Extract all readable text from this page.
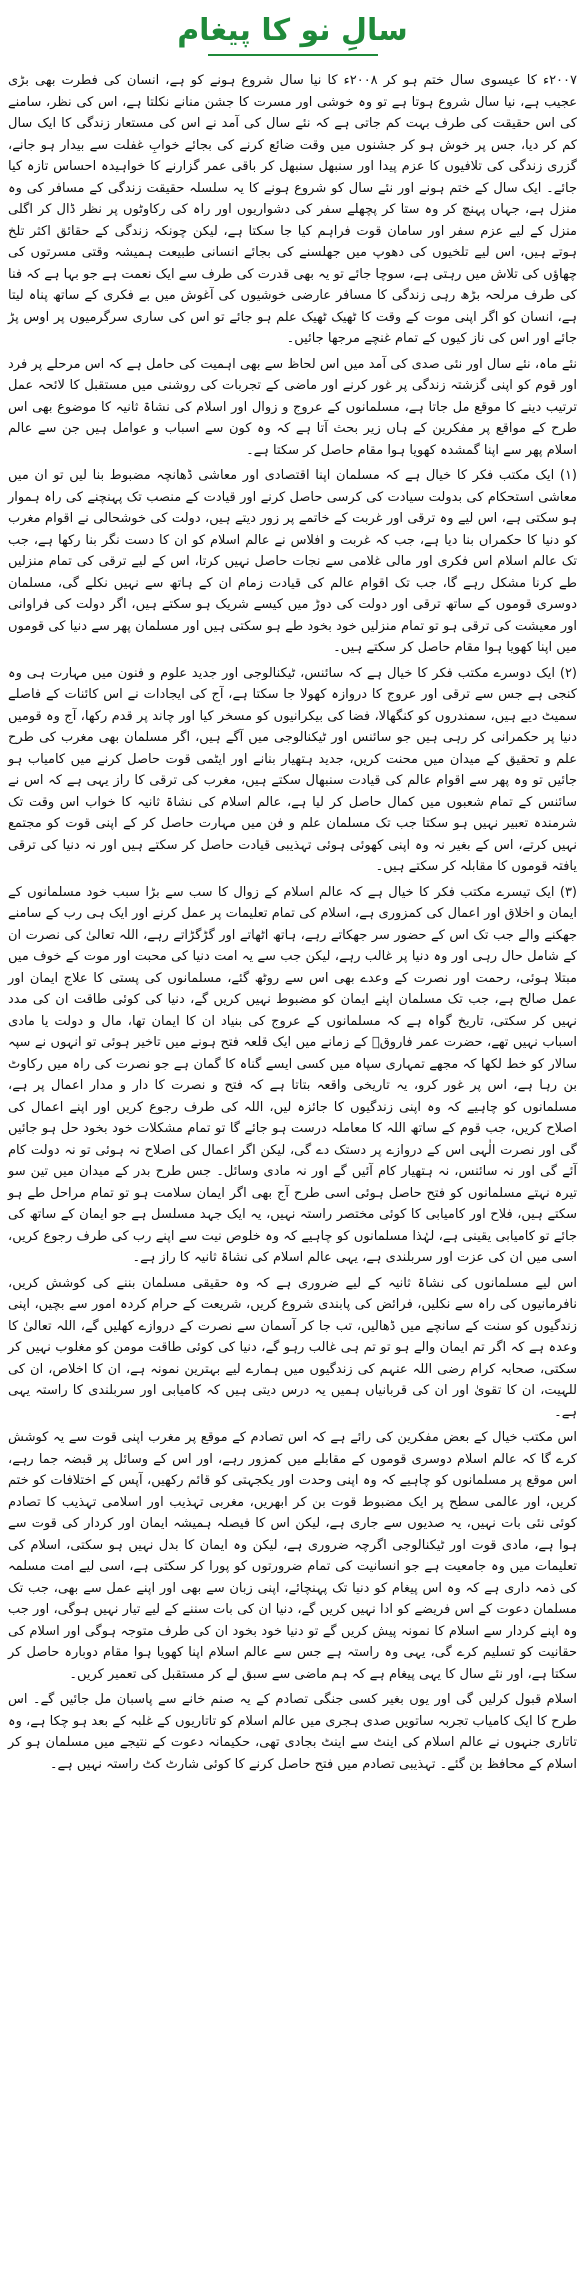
سالِ نو کا پیغام

۲۰۰۷ء کا عیسوی سال ختم ہو کر ۲۰۰۸ء کا نیا سال شروع ہونے کو ہے، انسان کی فطرت بھی بڑی عجیب ہے، نیا سال شروع ہوتا ہے تو وہ خوشی اور مسرت کا جشن منانے نکلتا ہے، اس کی نظر، سامنے کی اس حقیقت کی طرف بہت کم جاتی ہے کہ نئے سال کی آمد نے اس کی مستعار زندگی کا ایک سال کم کر دیا، جس پر خوش ہو کر جشنوں میں وقت ضائع کرنے کی بجائے خوابِ غفلت سے بیدار ہو جانے، گزری زندگی کی تلافیوں کا عزم پیدا اور سنبھل سنبھل کر باقی عمر گزارنے کا خواہیدہ احساس تازہ کیا جائے۔ ایک سال کے ختم ہونے اور نئے سال کو شروع ہونے کا یہ سلسلہ حقیقت زندگی کے مسافر کی وہ منزل ہے، جہاں پہنچ کر وہ ستا کر پچھلے سفر کی دشواریوں اور راہ کی رکاوٹوں پر نظر ڈال کر اگلی منزل کے لیے عزم سفر اور سامان قوت فراہم کیا جا سکتا ہے، لیکن چونکہ زندگی کے حقائق اکثر تلخ ہوتے ہیں، اس لیے تلخیوں کی دھوپ میں جھلسنے کی بجائے انسانی طبیعت ہمیشہ وقتی مسرتوں کی چھاؤں کی تلاش میں رہتی ہے، سوچا جائے تو یہ بھی قدرت کی طرف سے ایک نعمت ہے جو بہا ہے کہ فنا کی طرف مرلحہ بڑھ رہی زندگی کا مسافر عارضی خوشیوں کی آغوش میں بے فکری کے ساتھ پناہ لیتا ہے، انسان کو اگر اپنی موت کے وقت کا ٹھیک ٹھیک علم ہو جائے تو اس کی ساری سرگرمیوں پر اوس پڑ جائے اور اس کی ناز کیوں کے تمام غنچے مرجھا جائیں۔

نئے ماہ، نئے سال اور نئی صدی کی آمد میں اس لحاظ سے بھی اہمیت کی حامل ہے کہ اس مرحلے پر فرد اور قوم کو اپنی گزشتہ زندگی پر غور کرنے اور ماضی کے تجربات کی روشنی میں مستقبل کا لائحہ عمل ترتیب دینے کا موقع مل جاتا ہے، مسلمانوں کے عروج و زوال اور اسلام کی نشاۃ ثانیہ کا موضوع بھی اس طرح کے مواقع پر مفکرین کے ہاں زیر بحث آتا ہے کہ وہ کون سے اسباب و عوامل ہیں جن سے عالم اسلام پھر سے اپنا گمشدہ کھویا ہوا مقام حاصل کر سکتا ہے۔

(۱) ایک مکتب فکر کا خیال ہے کہ مسلمان اپنا اقتصادی اور معاشی ڈھانچہ مضبوط بنا لیں تو ان میں معاشی استحکام کی بدولت سیادت کی کرسی حاصل کرنے اور قیادت کے منصب تک پہنچنے کی راہ ہموار ہو سکتی ہے، اس لیے وہ ترقی اور غربت کے خاتمے پر زور دیتے ہیں، دولت کی خوشحالی نے اقوام مغرب کو دنیا کا حکمراں بنا دیا ہے، جب کہ غربت و افلاس نے عالم اسلام کو ان کا دست نگر بنا رکھا ہے، جب تک عالم اسلام اس فکری اور مالی غلامی سے نجات حاصل نہیں کرتا، اس کے لیے ترقی کی تمام منزلیں طے کرنا مشکل رہے گا، جب تک اقوام عالم کی قیادت زمام ان کے ہاتھ سے نہیں نکلے گی، مسلمان دوسری قوموں کے ساتھ ترقی اور دولت کی دوڑ میں کیسے شریک ہو سکتے ہیں، اگر دولت کی فراوانی اور معیشت کی ترقی ہو تو تمام منزلیں خود بخود طے ہو سکتی ہیں اور مسلمان پھر سے دنیا کی قوموں میں اپنا کھویا ہوا مقام حاصل کر سکتے ہیں۔

(۲) ایک دوسرے مکتب فکر کا خیال ہے کہ سائنس، ٹیکنالوجی اور جدید علوم و فنون میں مہارت ہی وہ کنجی ہے جس سے ترقی اور عروج کا دروازہ کھولا جا سکتا ہے، آج کی ایجادات نے اس کائنات کے فاصلے سمیٹ دیے ہیں، سمندروں کو کنگھالا، فضا کی بیکرانیوں کو مسخر کیا اور چاند پر قدم رکھا، آج وہ قومیں دنیا پر حکمرانی کر رہی ہیں جو سائنس اور ٹیکنالوجی میں آگے ہیں، اگر مسلمان بھی مغرب کی طرح علم و تحقیق کے میدان میں محنت کریں، جدید ہتھیار بنانے اور ایٹمی قوت حاصل کرنے میں کامیاب ہو جائیں تو وہ پھر سے اقوام عالم کی قیادت سنبھال سکتے ہیں، مغرب کی ترقی کا راز یہی ہے کہ اس نے سائنس کے تمام شعبوں میں کمال حاصل کر لیا ہے، عالم اسلام کی نشاۃ ثانیہ کا خواب اس وقت تک شرمندہ تعبیر نہیں ہو سکتا جب تک مسلمان علم و فن میں مہارت حاصل کر کے اپنی قوت کو مجتمع نہیں کرتے، اس کے بغیر نہ وہ اپنی کھوئی ہوئی تہذیبی قیادت حاصل کر سکتے ہیں اور نہ دنیا کی ترقی یافتہ قوموں کا مقابلہ کر سکتے ہیں۔

(۳) ایک تیسرے مکتب فکر کا خیال ہے کہ عالم اسلام کے زوال کا سب سے بڑا سبب خود مسلمانوں کے ایمان و اخلاق اور اعمال کی کمزوری ہے، اسلام کی تمام تعلیمات پر عمل کرنے اور ایک ہی رب کے سامنے جھکنے والے جب تک اس کے حضور سر جھکاتے رہے، ہاتھ اٹھاتے اور گڑگڑاتے رہے، اللہ تعالیٰ کی نصرت ان کے شامل حال رہی اور وہ دنیا پر غالب رہے، لیکن جب سے یہ امت دنیا کی محبت اور موت کے خوف میں مبتلا ہوئی، رحمت اور نصرت کے وعدے بھی اس سے روٹھ گئے، مسلمانوں کی پستی کا علاج ایمان اور عمل صالح ہے، جب تک مسلمان اپنے ایمان کو مضبوط نہیں کریں گے، دنیا کی کوئی طاقت ان کی مدد نہیں کر سکتی، تاریخ گواہ ہے کہ مسلمانوں کے عروج کی بنیاد ان کا ایمان تھا، مال و دولت یا مادی اسباب نہیں تھے، حضرت عمر فاروقؓ کے زمانے میں ایک قلعہ فتح ہونے میں تاخیر ہوئی تو انہوں نے سپہ سالار کو خط لکھا کہ مجھے تمہاری سپاہ میں کسی ایسے گناہ کا گمان ہے جو نصرت کی راہ میں رکاوٹ بن رہا ہے، اس پر غور کرو، یہ تاریخی واقعہ بتاتا ہے کہ فتح و نصرت کا دار و مدار اعمال پر ہے، مسلمانوں کو چاہیے کہ وہ اپنی زندگیوں کا جائزہ لیں، اللہ کی طرف رجوع کریں اور اپنے اعمال کی اصلاح کریں، جب قوم کے ساتھ اللہ کا معاملہ درست ہو جائے گا تو تمام مشکلات خود بخود حل ہو جائیں گی اور نصرت الٰہی اس کے دروازے پر دستک دے گی، لیکن اگر اعمال کی اصلاح نہ ہوئی تو نہ دولت کام آئے گی اور نہ سائنس، نہ ہتھیار کام آئیں گے اور نہ مادی وسائل۔ جس طرح بدر کے میدان میں تین سو تیرہ نہتے مسلمانوں کو فتح حاصل ہوئی اسی طرح آج بھی اگر ایمان سلامت ہو تو تمام مراحل طے ہو سکتے ہیں، فلاح اور کامیابی کا کوئی مختصر راستہ نہیں، یہ ایک جہد مسلسل ہے جو ایمان کے ساتھ کی جائے تو کامیابی یقینی ہے، لہٰذا مسلمانوں کو چاہیے کہ وہ خلوص نیت سے اپنے رب کی طرف رجوع کریں، اسی میں ان کی عزت اور سربلندی ہے، یہی عالم اسلام کی نشاۃ ثانیہ کا راز ہے۔

اس لیے مسلمانوں کی نشاۃ ثانیہ کے لیے ضروری ہے کہ وہ حقیقی مسلمان بننے کی کوشش کریں، نافرمانیوں کی راہ سے نکلیں، فرائض کی پابندی شروع کریں، شریعت کے حرام کردہ امور سے بچیں، اپنی زندگیوں کو سنت کے سانچے میں ڈھالیں، تب جا کر آسمان سے نصرت کے دروازے کھلیں گے، اللہ تعالیٰ کا وعدہ ہے کہ اگر تم ایمان والے ہو تو تم ہی غالب رہو گے، دنیا کی کوئی طاقت مومن کو مغلوب نہیں کر سکتی، صحابہ کرام رضی اللہ عنہم کی زندگیوں میں ہمارے لیے بہترین نمونہ ہے، ان کا اخلاص، ان کی للہیت، ان کا تقویٰ اور ان کی قربانیاں ہمیں یہ درس دیتی ہیں کہ کامیابی اور سربلندی کا راستہ یہی ہے۔

اس مکتب خیال کے بعض مفکرین کی رائے ہے کہ اس تصادم کے موقع پر مغرب اپنی قوت سے یہ کوشش کرے گا کہ عالم اسلام دوسری قوموں کے مقابلے میں کمزور رہے، اور اس کے وسائل پر قبضہ جما رہے، اس موقع پر مسلمانوں کو چاہیے کہ وہ اپنی وحدت اور یکجہتی کو قائم رکھیں، آپس کے اختلافات کو ختم کریں، اور عالمی سطح پر ایک مضبوط قوت بن کر ابھریں، مغربی تہذیب اور اسلامی تہذیب کا تصادم کوئی نئی بات نہیں، یہ صدیوں سے جاری ہے، لیکن اس کا فیصلہ ہمیشہ ایمان اور کردار کی قوت سے ہوا ہے، مادی قوت اور ٹیکنالوجی اگرچہ ضروری ہے، لیکن وہ ایمان کا بدل نہیں ہو سکتی، اسلام کی تعلیمات میں وہ جامعیت ہے جو انسانیت کی تمام ضرورتوں کو پورا کر سکتی ہے، اسی لیے امت مسلمہ کی ذمہ داری ہے کہ وہ اس پیغام کو دنیا تک پہنچائے، اپنی زبان سے بھی اور اپنے عمل سے بھی، جب تک مسلمان دعوت کے اس فریضے کو ادا نہیں کریں گے، دنیا ان کی بات سننے کے لیے تیار نہیں ہوگی، اور جب وہ اپنے کردار سے اسلام کا نمونہ پیش کریں گے تو دنیا خود بخود ان کی طرف متوجہ ہوگی اور اسلام کی حقانیت کو تسلیم کرے گی، یہی وہ راستہ ہے جس سے عالم اسلام اپنا کھویا ہوا مقام دوبارہ حاصل کر سکتا ہے، اور نئے سال کا یہی پیغام ہے کہ ہم ماضی سے سبق لے کر مستقبل کی تعمیر کریں۔

اسلام قبول کرلیں گی اور یوں بغیر کسی جنگی تصادم کے یہ صنم خانے سے پاسبان مل جائیں گے۔ اس طرح کا ایک کامیاب تجربہ ساتویں صدی ہجری میں عالم اسلام کو تاتاریوں کے غلبہ کے بعد ہو چکا ہے، وہ تاتاری جنہوں نے عالم اسلام کی اینٹ سے اینٹ بجادی تھی، حکیمانہ دعوت کے نتیجے میں مسلمان ہو کر اسلام کے محافظ بن گئے۔ تہذیبی تصادم میں فتح حاصل کرنے کا کوئی شارٹ کٹ راستہ نہیں ہے۔
